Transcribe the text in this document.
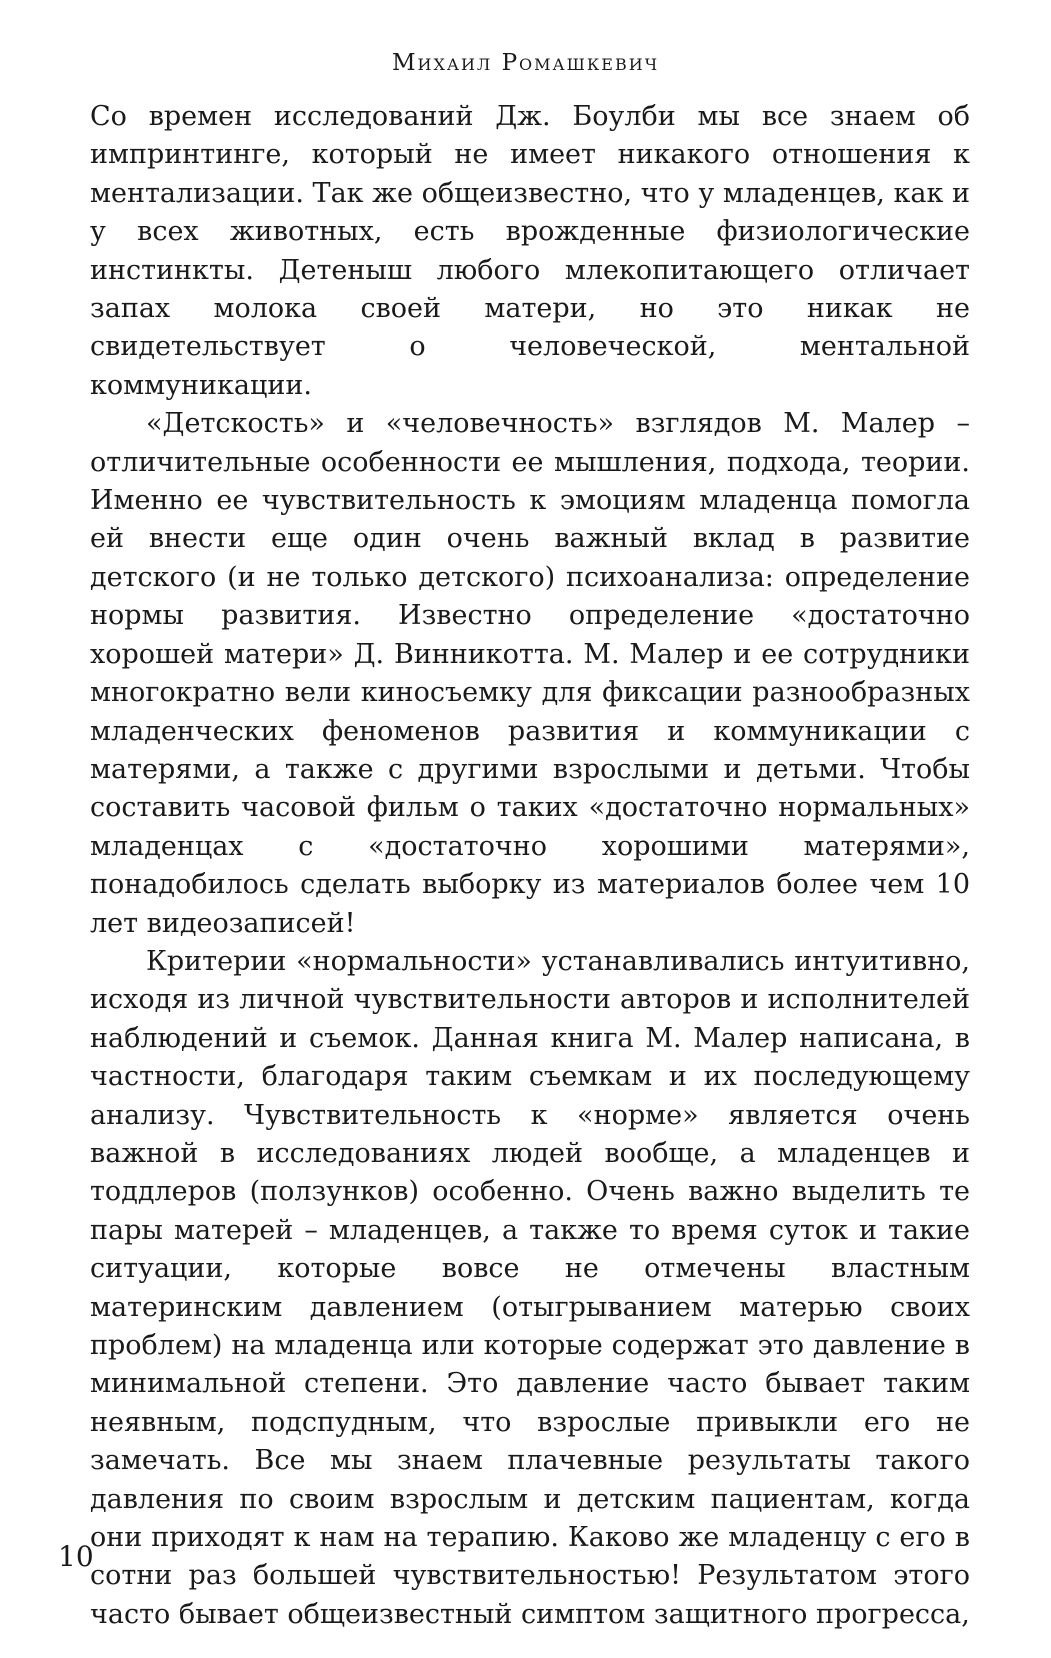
Михаил Ромашкевич

Со времен исследований Дж. Боулби мы все знаем об импринтинге, который не имеет никакого отношения к ментализации. Так же общеизвестно, что у младенцев, как и у всех животных, есть врожденные физиологические инстинкты. Детеныш любого млекопитающего отличает запах молока своей матери, но это никак не свидетельствует о человеческой, ментальной коммуникации.

«Детскость» и «человечность» взглядов М. Малер – отличительные особенности ее мышления, подхода, теории. Именно ее чувствительность к эмоциям младенца помогла ей внести еще один очень важный вклад в развитие детского (и не только детского) психоанализа: определение нормы развития. Известно определение «достаточно хорошей матери» Д. Винникотта. М. Малер и ее сотрудники многократно вели киносъемку для фиксации разнообразных младенческих феноменов развития и коммуникации с матерями, а также с другими взрослыми и детьми. Чтобы составить часовой фильм о таких «достаточно нормальных» младенцах с «достаточно хорошими матерями», понадобилось сделать выборку из материалов более чем 10 лет видеозаписей!

Критерии «нормальности» устанавливались интуитивно, исходя из личной чувствительности авторов и исполнителей наблюдений и съемок. Данная книга М. Малер написана, в частности, благодаря таким съемкам и их последующему анализу. Чувствительность к «норме» является очень важной в исследованиях людей вообще, а младенцев и тоддлеров (ползунков) особенно. Очень важно выделить те пары матерей – младенцев, а также то время суток и такие ситуации, которые вовсе не отмечены властным материнским давлением (отыгрыванием матерью своих проблем) на младенца или которые содержат это давление в минимальной степени. Это давление часто бывает таким неявным, подспудным, что взрослые привыкли его не замечать. Все мы знаем плачевные результаты такого давления по своим взрослым и детским пациентам, когда они приходят к нам на терапию. Каково же младенцу с его в сотни раз большей чувствительностью! Результатом этого часто бывает общеизвестный симптом защитного прогресса,

10
